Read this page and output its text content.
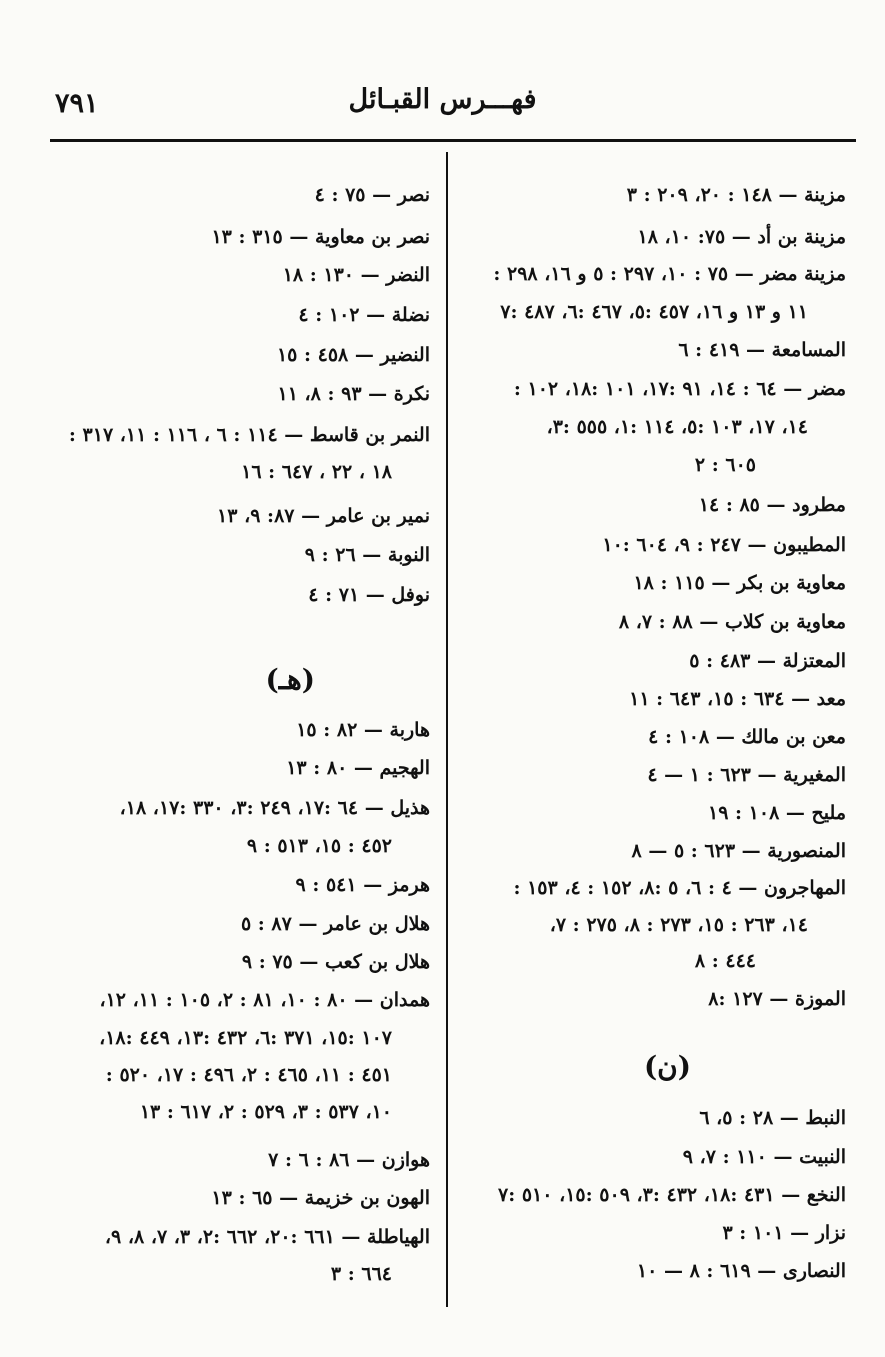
٧٩١	فهـــرس القبـائل
مزينة — ١٤٨ : ٢٠، ٢٠٩ : ٣
مزينة بن أد — ٧٥: ١٠، ١٨
مزينة مضر — ٧٥ : ١٠، ٢٩٧ : ٥ و ١٦، ٢٩٨ :
١١ و ١٣ و ١٦، ٤٥٧ :٥، ٤٦٧ :٦، ٤٨٧ :٧
المسامعة — ٤١٩ : ٦
مضر — ٦٤ : ١٤، ٩١ :١٧، ١٠١ :١٨، ١٠٢ :
١٤، ١٧، ١٠٣ :٥، ١١٤ :١، ٥٥٥ :٣،
٦٠٥ : ٢
مطرود — ٨٥ : ١٤
المطيبون — ٢٤٧ : ٩، ٦٠٤ :١٠
معاوية بن بكر — ١١٥ : ١٨
معاوية بن كلاب — ٨٨ : ٧، ٨
المعتزلة — ٤٨٣ : ٥
معد — ٦٣٤ : ١٥، ٦٤٣ : ١١
معن بن مالك — ١٠٨ : ٤
المغيرية — ٦٢٣ : ١ — ٤
مليح — ١٠٨ : ١٩
المنصورية — ٦٢٣ : ٥ — ٨
المهاجرون — ٤ : ٦، ٥ :٨، ١٥٢ : ٤، ١٥٣ :
١٤، ٢٦٣ : ١٥، ٢٧٣ : ٨، ٢٧٥ : ٧،
٤٤٤ : ٨
الموزة — ١٢٧ :٨
(ن)
النبط — ٢٨ : ٥، ٦
النبيت — ١١٠ : ٧، ٩
النخع — ٤٣١ :١٨، ٤٣٢ :٣، ٥٠٩ :١٥، ٥١٠ :٧
نزار — ١٠١ : ٣
النصارى — ٦١٩ : ٨ — ١٠
نصر — ٧٥ : ٤
نصر بن معاوية — ٣١٥ : ١٣
النضر — ١٣٠ : ١٨
نضلة — ١٠٢ : ٤
النضير — ٤٥٨ : ١٥
نكرة — ٩٣ : ٨، ١١
النمر بن قاسط — ١١٤ : ٦ ، ١١٦ : ١١، ٣١٧ :
١٨ ، ٢٢ ، ٦٤٧ : ١٦
نمير بن عامر — ٨٧: ٩، ١٣
النوبة — ٢٦ : ٩
نوفل — ٧١ : ٤
(هـ)
هاربة — ٨٢ : ١٥
الهجيم — ٨٠ : ١٣
هذيل — ٦٤ :١٧، ٢٤٩ :٣، ٣٣٠ :١٧، ١٨،
٤٥٢ : ١٥، ٥١٣ : ٩
هرمز — ٥٤١ : ٩
هلال بن عامر — ٨٧ : ٥
هلال بن كعب — ٧٥ : ٩
همدان — ٨٠ : ١٠، ٨١ : ٢، ١٠٥ : ١١، ١٢،
١٠٧ :١٥، ٣٧١ :٦، ٤٣٢ :١٣، ٤٤٩ :١٨،
٤٥١ : ١١، ٤٦٥ : ٢، ٤٩٦ : ١٧، ٥٢٠ :
١٠، ٥٣٧ : ٣، ٥٢٩ : ٢، ٦١٧ : ١٣
هوازن — ٨٦ : ٦ : ٧
الهون بن خزيمة — ٦٥ : ١٣
الهياطلة — ٦٦١ :٢٠، ٦٦٢ :٢، ٣، ٧، ٨، ٩،
٦٦٤ : ٣
